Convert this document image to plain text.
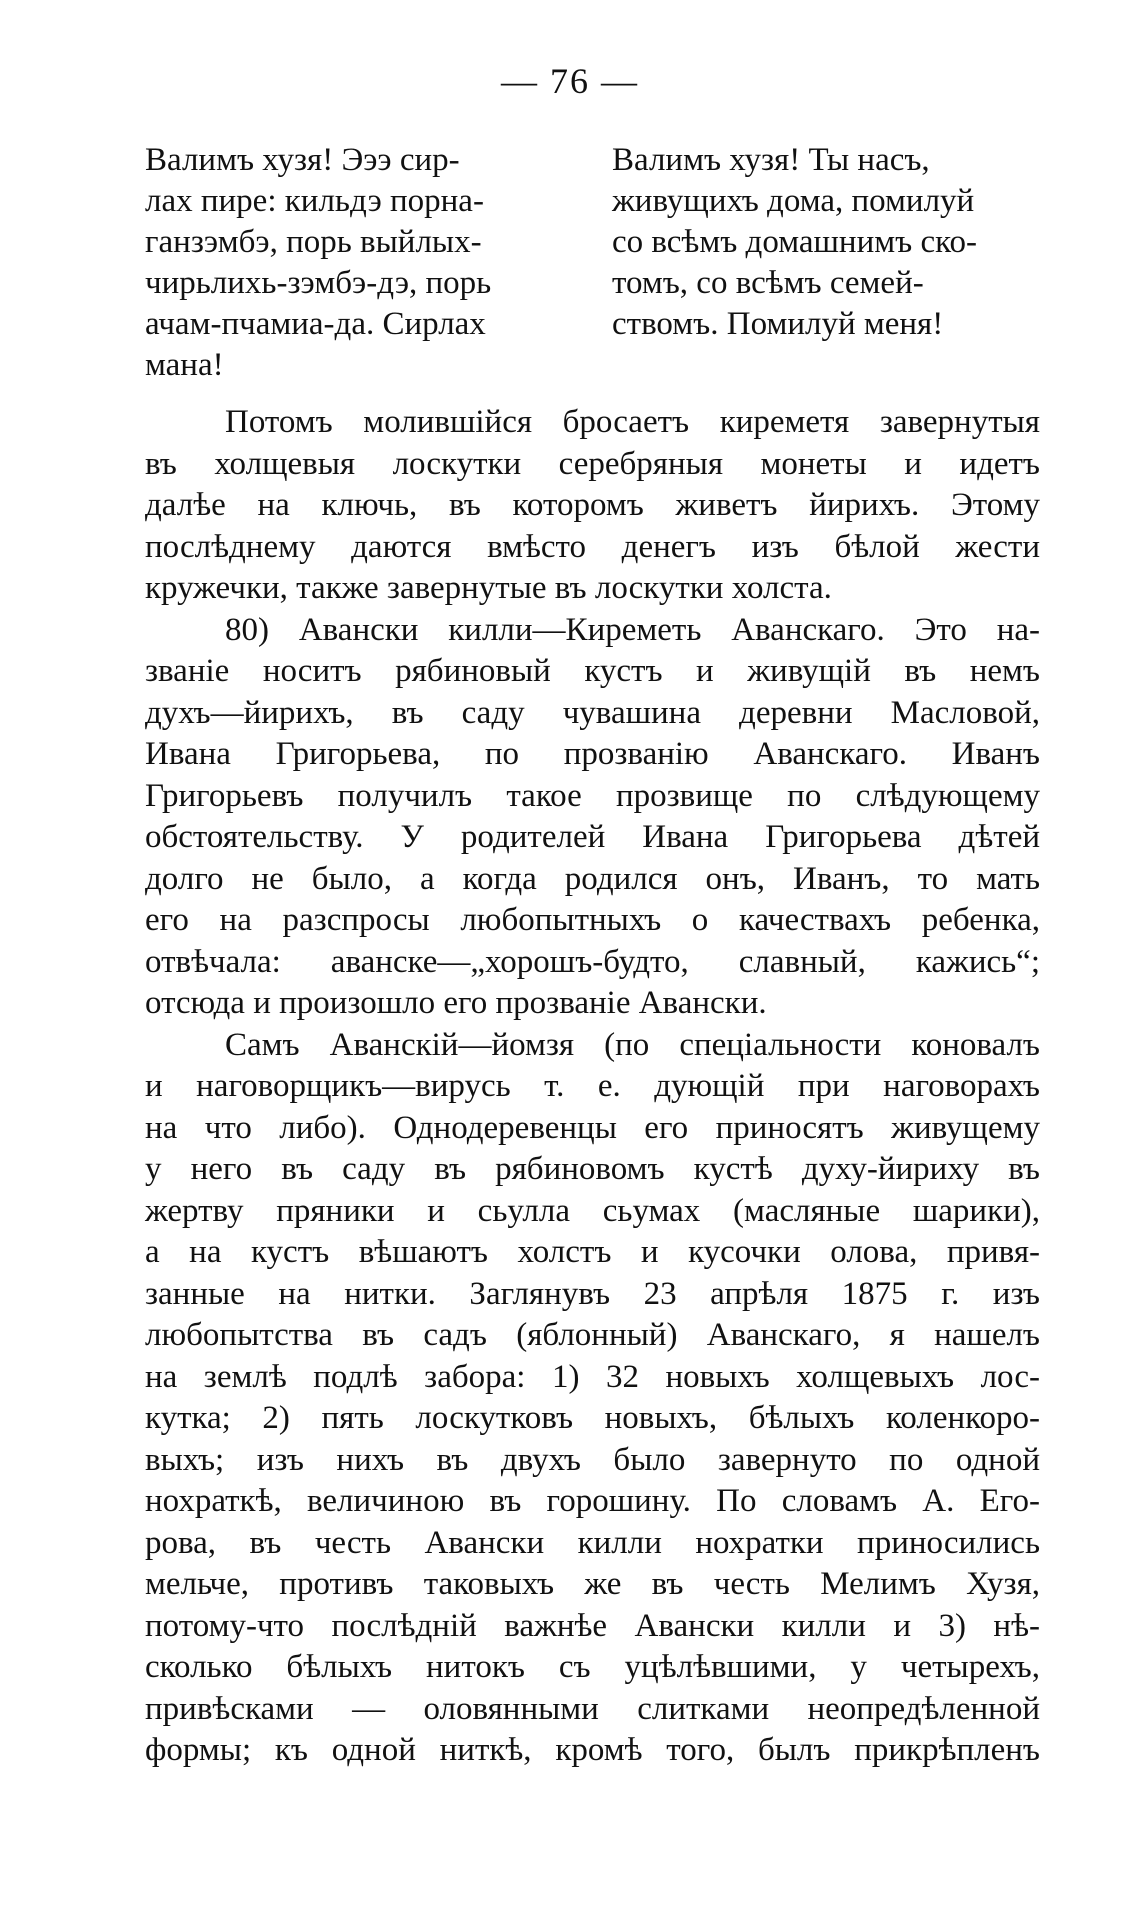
— 76 —
Валимъ хузя! Эээ сир-
лах пире: кильдэ порна-
ганзэмбэ, порь выйлых-
чирьлихь-зэмбэ-дэ, порь
ачам-пчамиа-да. Сирлах
мана!
Валимъ хузя! Ты насъ,
живущихъ дома, помилуй
со всѣмъ домашнимъ ско-
томъ, со всѣмъ семей-
ствомъ. Помилуй меня!
Потомъ молившійся бросаетъ киреметя завернутыя
въ холщевыя лоскутки серебряныя монеты и идетъ
далѣе на ключь, въ которомъ живетъ йирихъ. Этому
послѣднему даются вмѣсто денегъ изъ бѣлой жести
кружечки, также завернутые въ лоскутки холста.
80) Авански килли—Киреметь Аванскаго. Это на-
званіе носитъ рябиновый кустъ и живущій въ немъ
духъ—йирихъ, въ саду чувашина деревни Масловой,
Ивана Григорьева, по прозванію Аванскаго. Иванъ
Григорьевъ получилъ такое прозвище по слѣдующему
обстоятельству. У родителей Ивана Григорьева дѣтей
долго не было, а когда родился онъ, Иванъ, то мать
его на разспросы любопытныхъ о качествахъ ребенка,
отвѣчала: аванске—„хорошъ-будто, славный, кажись“;
отсюда и произошло его прозваніе Авански.
Самъ Аванскій—йомзя (по спеціальности коновалъ
и наговорщикъ—вирусь т. е. дующій при наговорахъ
на что либо). Однодеревенцы его приносятъ живущему
у него въ саду въ рябиновомъ кустѣ духу-йириху въ
жертву пряники и сьулла сьумах (масляные шарики),
а на кустъ вѣшаютъ холстъ и кусочки олова, привя-
занные на нитки. Заглянувъ 23 апрѣля 1875 г. изъ
любопытства въ садъ (яблонный) Аванскаго, я нашелъ
на землѣ подлѣ забора: 1) 32 новыхъ холщевыхъ лос-
кутка; 2) пять лоскутковъ новыхъ, бѣлыхъ коленкоро-
выхъ; изъ нихъ въ двухъ было завернуто по одной
нохраткѣ, величиною въ горошину. По словамъ А. Его-
рова, въ честь Авански килли нохратки приносились
мельче, противъ таковыхъ же въ честь Мелимъ Хузя,
потому-что послѣдній важнѣе Авански килли и 3) нѣ-
сколько бѣлыхъ нитокъ съ уцѣлѣвшими, у четырехъ,
привѣсками — оловянными слитками неопредѣленной
формы; къ одной ниткѣ, кромѣ того, былъ прикрѣпленъ
